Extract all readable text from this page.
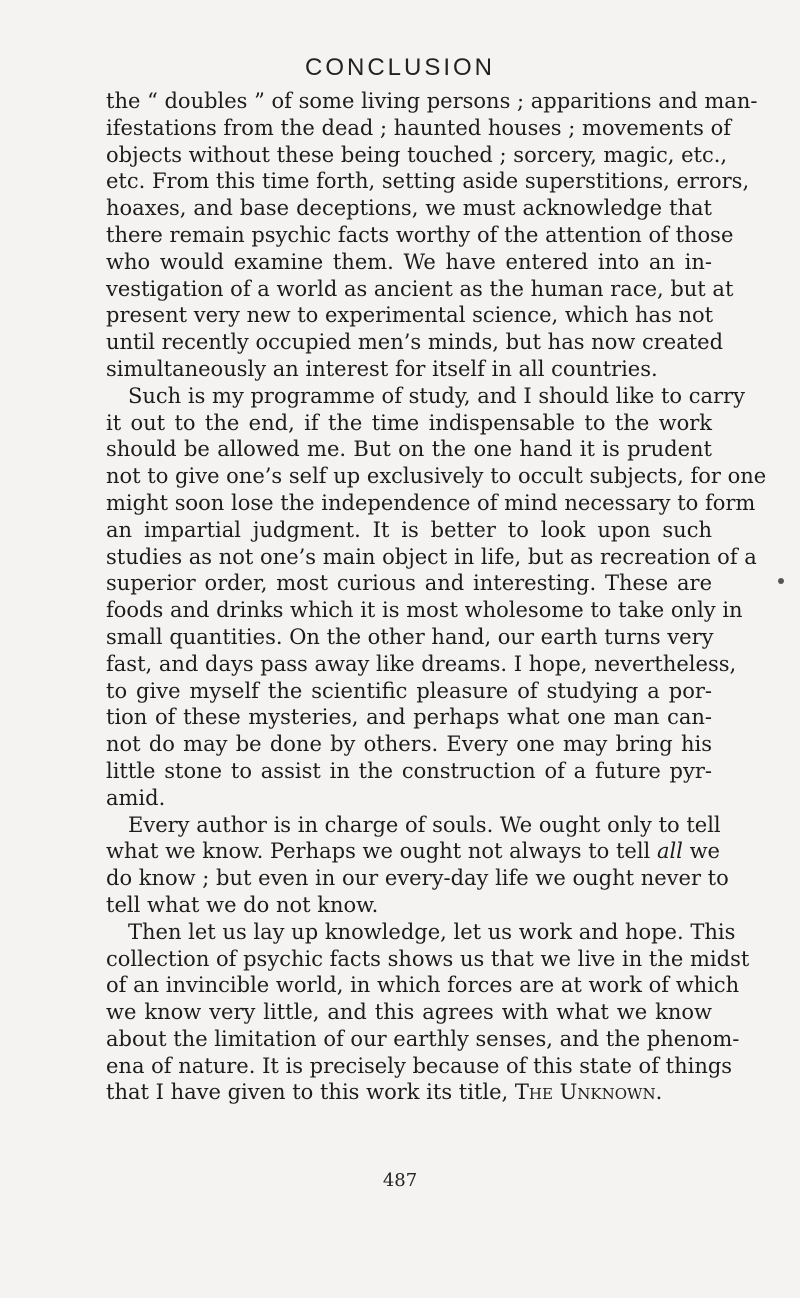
CONCLUSION

the “ doubles ” of some living persons ; apparitions and man-

ifestations from the dead ; haunted houses ; movements of

objects without these being touched ; sorcery, magic, etc.,

etc. From this time forth, setting aside superstitions, errors,

hoaxes, and base deceptions, we must acknowledge that

there remain psychic facts worthy of the attention of those

who would examine them. We have entered into an in-

vestigation of a world as ancient as the human race, but at

present very new to experimental science, which has not

until recently occupied men’s minds, but has now created

simultaneously an interest for itself in all countries.

Such is my programme of study, and I should like to carry

it out to the end, if the time indispensable to the work

should be allowed me. But on the one hand it is prudent

not to give one’s self up exclusively to occult subjects, for one

might soon lose the independence of mind necessary to form

an impartial judgment. It is better to look upon such

studies as not one’s main object in life, but as recreation of a

superior order, most curious and interesting. These are

foods and drinks which it is most wholesome to take only in

small quantities. On the other hand, our earth turns very

fast, and days pass away like dreams. I hope, nevertheless,

to give myself the scientific pleasure of studying a por-

tion of these mysteries, and perhaps what one man can-

not do may be done by others. Every one may bring his

little stone to assist in the construction of a future pyr-

amid.

Every author is in charge of souls. We ought only to tell

what we know. Perhaps we ought not always to tell all we

do know ; but even in our every-day life we ought never to

tell what we do not know.

Then let us lay up knowledge, let us work and hope. This

collection of psychic facts shows us that we live in the midst

of an invincible world, in which forces are at work of which

we know very little, and this agrees with what we know

about the limitation of our earthly senses, and the phenom-

ena of nature. It is precisely because of this state of things

that I have given to this work its title, The Unknown.

487
